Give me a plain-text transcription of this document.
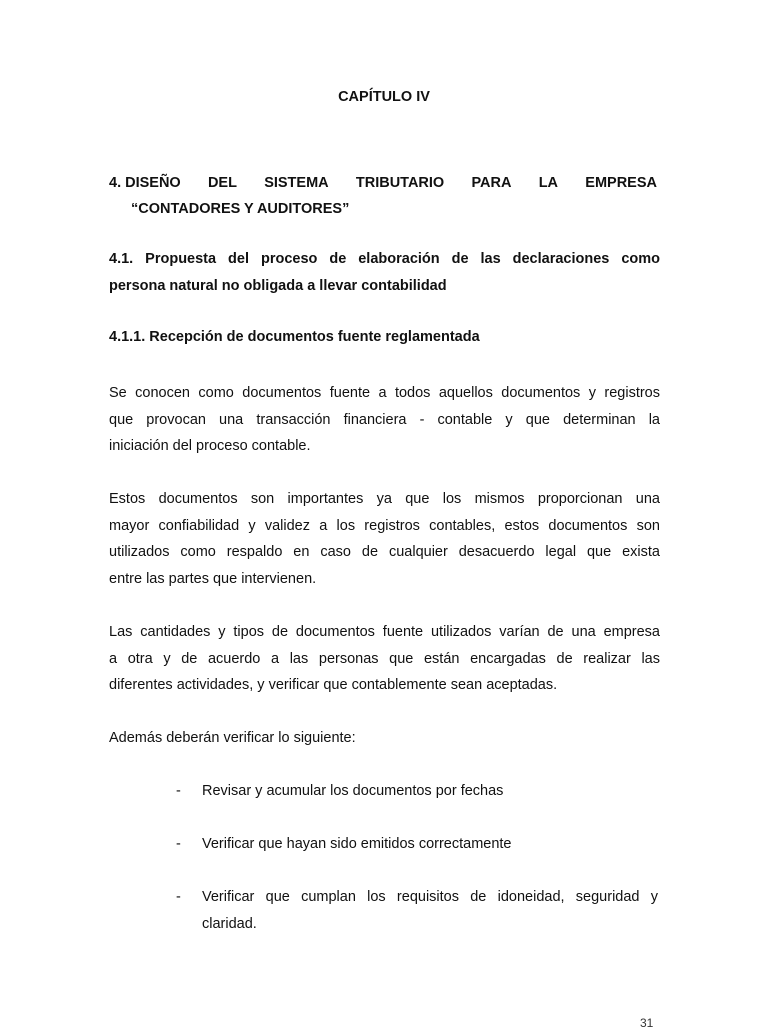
CAPÍTULO IV
4. DISEÑO DEL SISTEMA TRIBUTARIO PARA LA EMPRESA
“CONTADORES Y AUDITORES”
4.1. Propuesta del proceso de elaboración de las declaraciones como
persona natural no obligada a llevar contabilidad
4.1.1. Recepción de documentos fuente reglamentada
Se conocen como documentos fuente a todos aquellos documentos y registros
que provocan una transacción financiera - contable y que determinan la
iniciación del proceso contable.
Estos documentos son importantes ya que los mismos proporcionan una
mayor confiabilidad y validez a los registros contables, estos documentos son
utilizados como respaldo en caso de cualquier desacuerdo legal que exista
entre las partes que intervienen.
Las cantidades y tipos de documentos fuente utilizados varían de una empresa
a otra y de acuerdo a las personas que están encargadas de realizar las
diferentes actividades, y verificar que contablemente sean aceptadas.
Además deberán verificar lo siguiente:
- Revisar y acumular los documentos por fechas
- Verificar que hayan sido emitidos correctamente
- Verificar que cumplan los requisitos de idoneidad, seguridad y
claridad.
31
